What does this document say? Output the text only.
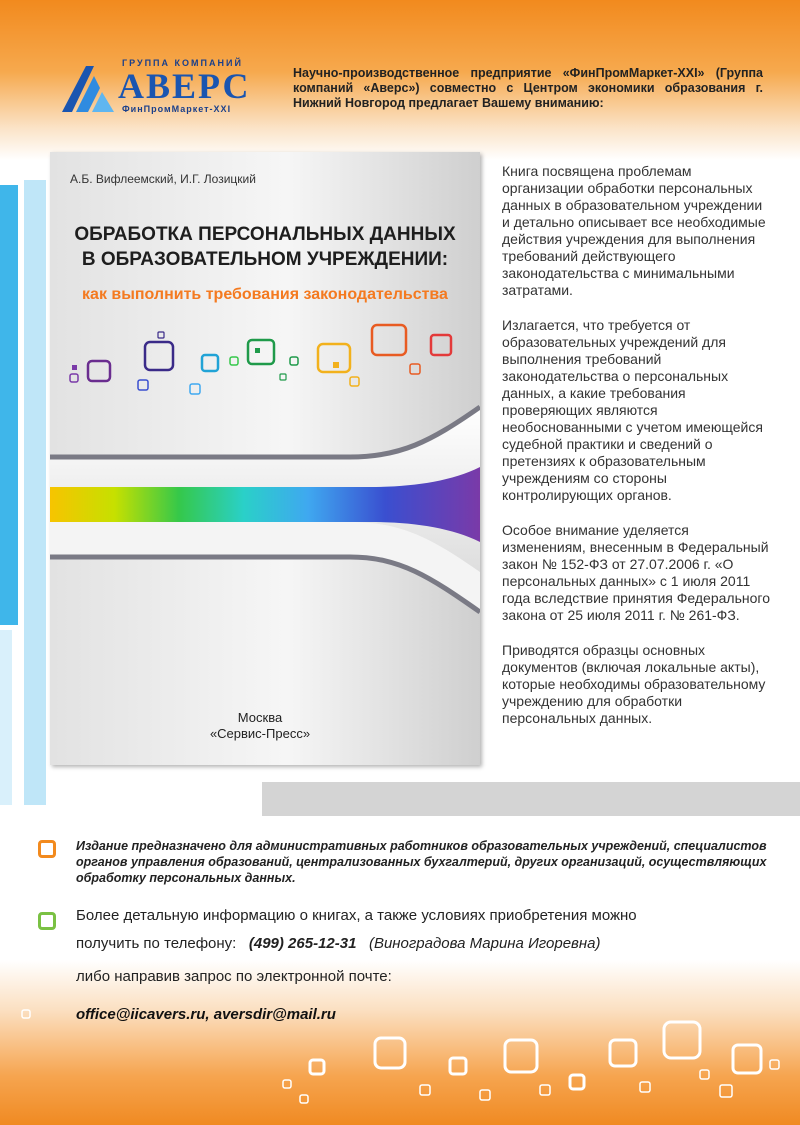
ГРУППА КОМПАНИЙ
АВЕРС
ФинПромМаркет-XXI
Научно-производственное предприятие «ФинПромМаркет-XXI» (Группа компаний «Аверс») совместно с Центром экономики образования г. Нижний Новгород предлагает Вашему вниманию:
А.Б. Вифлеемский, И.Г. Лозицкий
ОБРАБОТКА ПЕРСОНАЛЬНЫХ ДАННЫХ
В ОБРАЗОВАТЕЛЬНОМ УЧРЕЖДЕНИИ:
как выполнить требования законодательства
Москва
«Сервис-Пресс»

Книга посвящена проблемам организации обработки персональных данных в образовательном учреждении и детально описывает все необходимые действия учреждения для выполнения требований действующего законодательства с минимальными затратами.

Излагается, что требуется от образовательных учреждений для выполнения требований законодательства о персональных данных, а какие требования проверяющих являются необоснованными с учетом имеющейся судебной практики и сведений о претензиях к образовательным учреждениям со стороны контролирующих органов.

Особое внимание уделяется изменениям, внесенным в Федеральный закон № 152-ФЗ от 27.07.2006 г. «О персональных данных» с 1 июля 2011 года вследствие принятия Федерального закона от 25 июля 2011 г. № 261-ФЗ.

Приводятся образцы основных документов (включая локальные акты), которые необходимы образовательному учреждению для обработки персональных данных.

Издание предназначено для административных работников образовательных учреждений, специалистов органов управления образований, централизованных бухгалтерий, других организаций, осуществляющих обработку персональных данных.
Более детальную информацию о книгах, а также условиях приобретения можно
получить по телефону: (499) 265-12-31 (Виноградова Марина Игоревна)
либо направив запрос по электронной почте:
office@iicavers.ru, aversdir@mail.ru
